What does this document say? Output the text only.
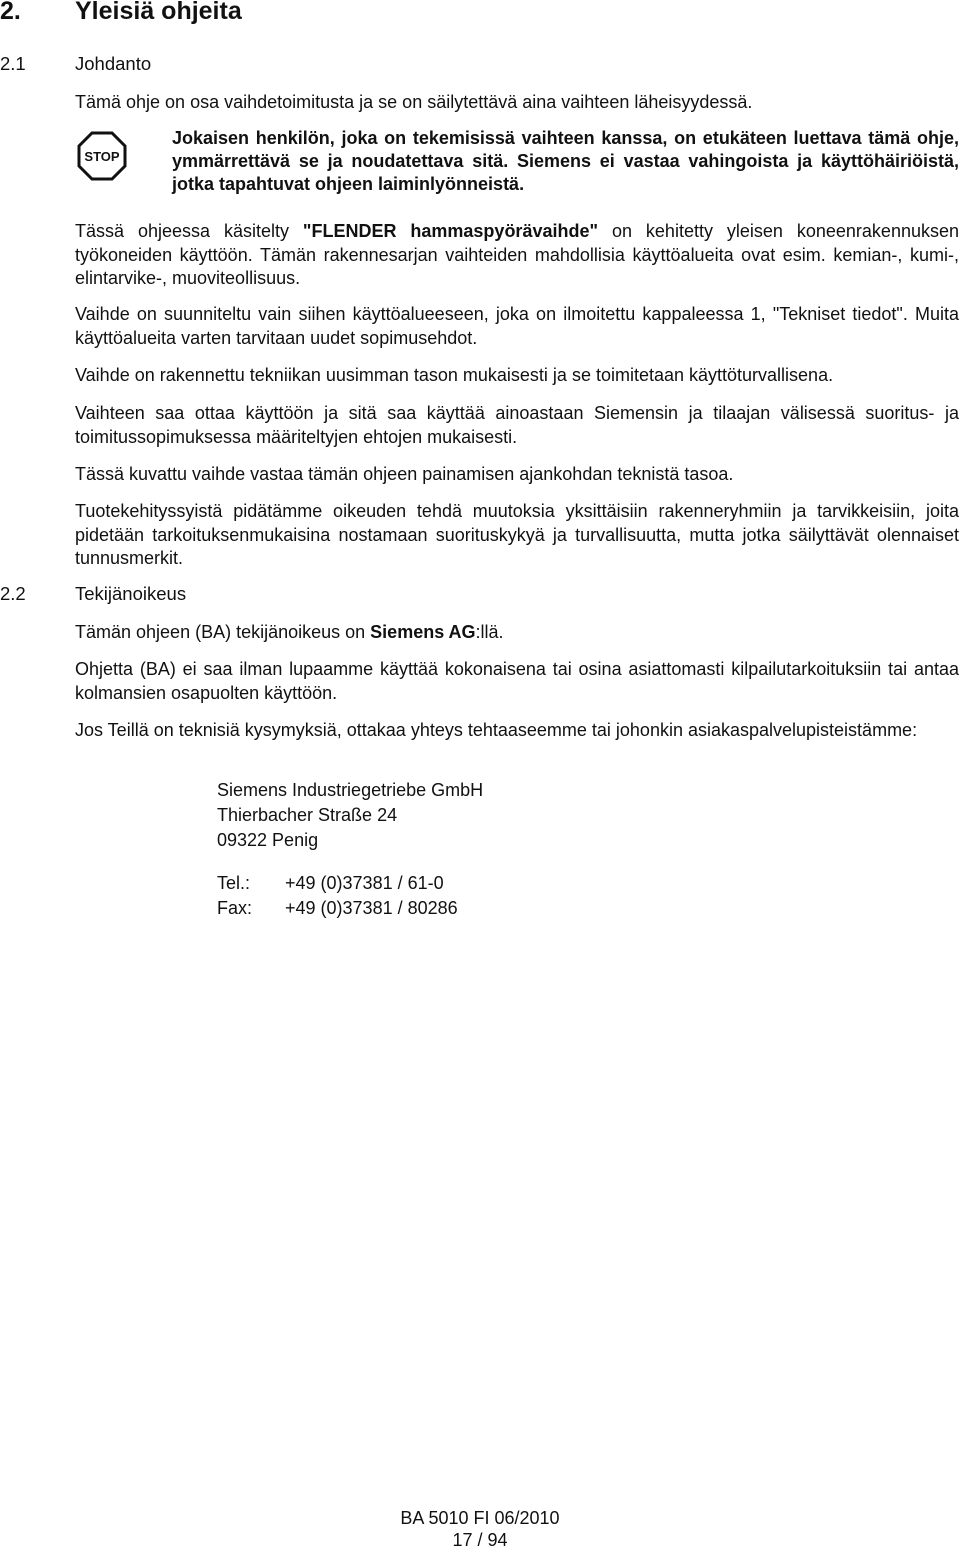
2. Yleisiä ohjeita
2.1	Johdanto
Tämä ohje on osa vaihdetoimitusta ja se on säilytettävä aina vaihteen läheisyydessä.
STOP
Jokaisen henkilön, joka on tekemisissä vaihteen kanssa, on etukäteen luettava tämä ohje, ymmärrettävä se ja noudatettava sitä. Siemens ei vastaa vahingoista ja käyttöhäiriöistä, jotka tapahtuvat ohjeen laiminlyönneistä.
Tässä ohjeessa käsitelty "FLENDER hammaspyörävaihde" on kehitetty yleisen koneenrakennuksen työkoneiden käyttöön. Tämän rakennesarjan vaihteiden mahdollisia käyttöalueita ovat esim. kemian-, kumi-, elintarvike-, muoviteollisuus.
Vaihde on suunniteltu vain siihen käyttöalueeseen, joka on ilmoitettu kappaleessa 1, "Tekniset tiedot". Muita käyttöalueita varten tarvitaan uudet sopimusehdot.
Vaihde on rakennettu tekniikan uusimman tason mukaisesti ja se toimitetaan käyttöturvallisena.
Vaihteen saa ottaa käyttöön ja sitä saa käyttää ainoastaan Siemensin ja tilaajan välisessä suoritus- ja toimitussopimuksessa määriteltyjen ehtojen mukaisesti.
Tässä kuvattu vaihde vastaa tämän ohjeen painamisen ajankohdan teknistä tasoa.
Tuotekehityssyistä pidätämme oikeuden tehdä muutoksia yksittäisiin rakenneryhmiin ja tarvikkeisiin, joita pidetään tarkoituksenmukaisina nostamaan suorituskykyä ja turvallisuutta, mutta jotka säilyttävät olennaiset tunnusmerkit.
2.2	Tekijänoikeus
Tämän ohjeen (BA) tekijänoikeus on Siemens AG:llä.
Ohjetta (BA) ei saa ilman lupaamme käyttää kokonaisena tai osina asiattomasti kilpailutarkoituksiin tai antaa kolmansien osapuolten käyttöön.
Jos Teillä on teknisiä kysymyksiä, ottakaa yhteys tehtaaseemme tai johonkin asiakaspalvelupisteistämme:
Siemens Industriegetriebe GmbH
Thierbacher Straße 24
09322 Penig
Tel.: +49 (0)37381 / 61-0
Fax: +49 (0)37381 / 80286
BA 5010 FI 06/2010
17 / 94
